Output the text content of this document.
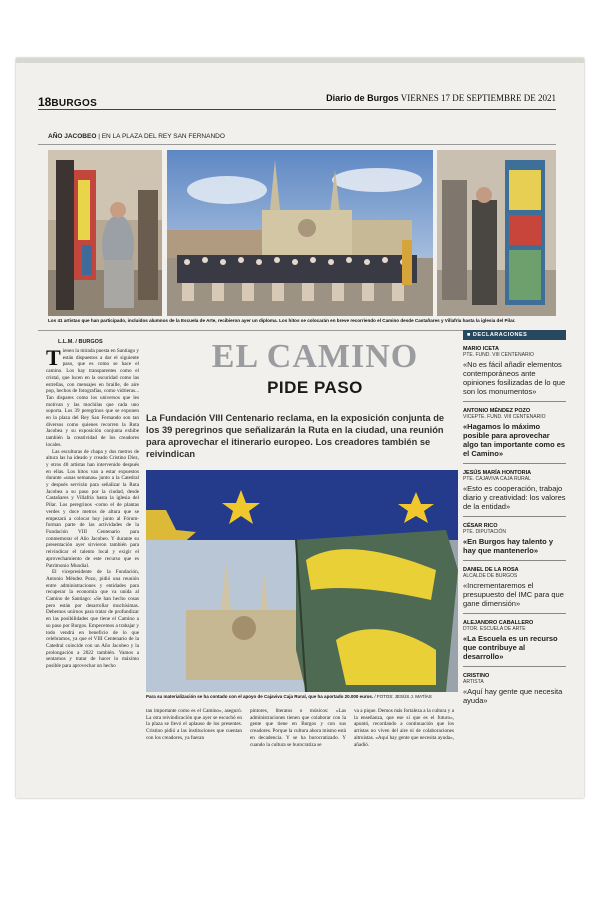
18BURGOS	Diario de Burgos VIERNES 17 DE SEPTIEMBRE DE 2021
AÑO JACOBEO | EN LA PLAZA DEL REY SAN FERNANDO
Los 41 artistas que han participado, incluidos alumnos de la Escuela de Arte, recibieron ayer un diploma. Los hitos se colocarán en breve recorriendo el Camino desde Castañares y Villafría hasta la iglesia del Pilar.
L.L.M. / BURGOS	EL CAMINO
PIDE PASO
La Fundación VIII Centenario reclama, en la exposición conjunta de los 39 peregrinos que señalizarán la Ruta en la ciudad, una reunión para aprovechar el itinerario europeo. Los creadores también se reivindican
Tienen la mirada puesta en Santiago y están dispuestos a dar el siguiente paso, que es como se hace el camino. Los hay transparentes como el cristal, que lucen en la oscuridad como las estrellas, con mensajes en braille, de aire pop, hechos de fotografías, como vidrieras... Tan dispares como los universos que les motivan y las mochilas que cada uno soporta. Los 39 peregrinos que se exponen en la plaza del Rey San Fernando son tan diversos como quienes recorren la Ruta Jacobea y su exposición conjunta exhibe también la creatividad de los creadores locales.
Las esculturas de chapa y dos metros de altura las ha ideado y creado Cristino Díez, y otros 40 artistas han intervenido después en ellas. Los hitos van a estar expuestos durante «unas semanas» junto a la Catedral y después servirán para señalizar la Ruta Jacobea a su paso por la ciudad, desde Castañares y Villafría hasta la iglesia del Pilar. Los peregrinos -como el de plantas verdes y doce metros de altura que se empezará a colocar hoy junto al Fórum- forman parte de las actividades de la Fundación VIII Centenario para conmemorar el Año Jacobeo. Y durante su presentación ayer sirvieron también para reivindicar el talento local y exigir el aprovechamiento de este recurso que es Patrimonio Mundial.
El vicepresidente de la Fundación, Antonio Méndez Pozo, pidió una reunión entre administraciones y entidades para recuperar la economía que va unida al Camino de Santiago: «Se han hecho cosas pero están por desarrollar muchísimas. Debemos unirnos para tratar de profundizar en las posibilidades que tiene el Camino a su paso por Burgos. Empecemos a trabajar y todo vendrá en beneficio de lo que celebramos, ya que el VIII Centenario de la Catedral coincide con un Año Jacobeo y la prolongación a 2022 también. Vamos a sentarnos y tratar de hacer lo máximo posible para aprovechar un hecho
Para su materialización se ha contado con el apoyo de Cajaviva Caja Rural, que ha aportado 20.000 euros. / FOTOS: JESÚS J. MATÍAS
tan importante como es el Camino», aseguró. La otra reivindicación que ayer se escuchó en la plaza se llevó el aplauso de los presentes. Cristino pidió a las instituciones que cuentan con los creadores, ya fueran
pintores, literatos o músicos: «Las administraciones tienen que colaborar con la gente que tiene en Burgos y con sus creadores. Porque la cultura ahora mismo está en decadencia. Y se ha burocratizado. Y cuando la cultura se burocratiza se
va a pique. Demos más fortaleza a la cultura y a la enseñanza, que ese sí que es el futuro», apuntó, recordando a continuación que los artistas no viven del aire ni de colaboraciones altruistas. «Aquí hay gente que necesita ayuda», añadió.
■ DECLARACIONES
MARIO ICETA
PTE. FUND. VIII CENTENARIO
«No es fácil añadir elementos contemporáneos ante opiniones fosilizadas de lo que son los monumentos»
ANTONIO MÉNDEZ POZO
VICEPTE. FUND. VIII CENTENARIO
«Hagamos lo máximo posible para aprovechar algo tan importante como es el Camino»
JESÚS MARÍA HONTORIA
PTE. CAJAVIVA CAJA RURAL
«Esto es cooperación, trabajo diario y creatividad: los valores de la entidad»
CÉSAR RICO
PTE. DIPUTACIÓN
«En Burgos hay talento y hay que mantenerlo»
DANIEL DE LA ROSA
ALCALDE DE BURGOS
«Incrementaremos el presupuesto del IMC para que gane dimensión»
ALEJANDRO CABALLERO
DTOR. ESCUELA DE ARTE
«La Escuela es un recurso que contribuye al desarrollo»
CRISTINO
ARTISTA
«Aquí hay gente que necesita ayuda»
